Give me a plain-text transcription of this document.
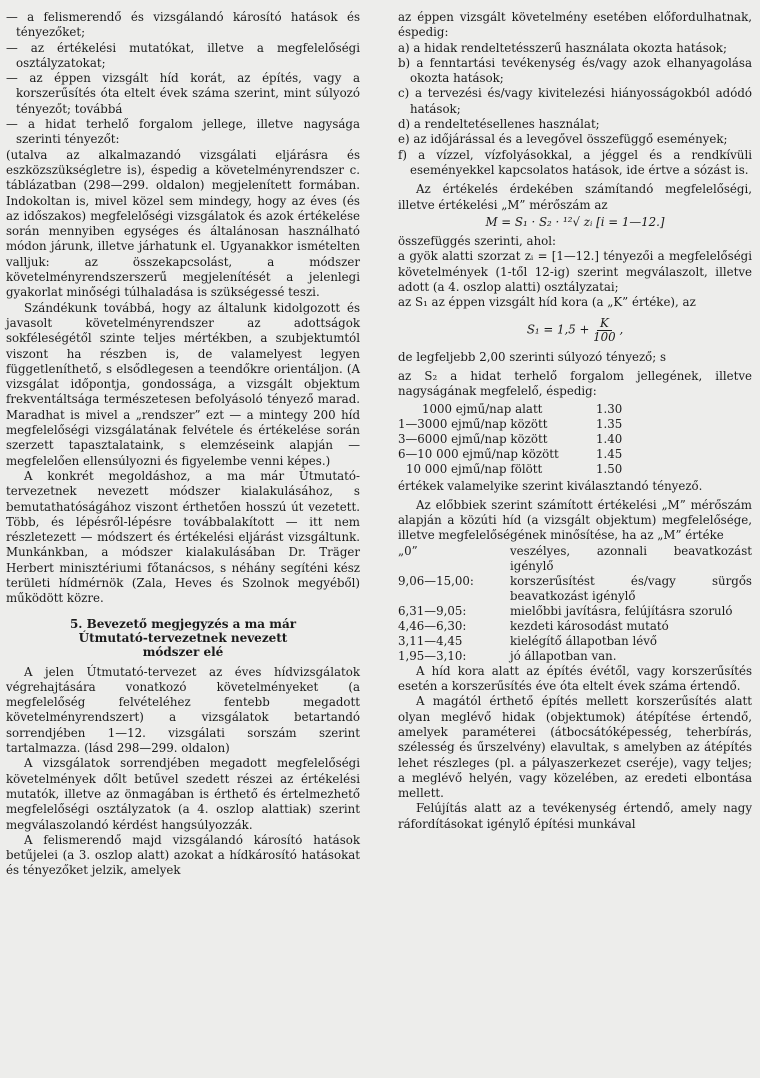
— a felismerendő és vizsgálandó károsító hatások és tényezőket;

— az értékelési mutatókat, illetve a megfelelőségi osztályzatokat;

— az éppen vizsgált híd korát, az építés, vagy a korszerűsítés óta eltelt évek száma szerint, mint súlyozó tényezőt; továbbá

— a hidat terhelő forgalom jellege, illetve nagysága szerinti tényezőt:

(utalva az alkalmazandó vizsgálati eljárásra és eszközszükségletre is), éspedig a követelményrendszer c. táblázatban (298—299. oldalon) megjelenített formában. Indokoltan is, mivel közel sem mindegy, hogy az éves (és az időszakos) megfelelőségi vizsgálatok és azok értékelése során mennyiben egységes és általánosan használható módon járunk, illetve járhatunk el. Ugyanakkor ismételten valljuk: az összekapcsolást, a módszer követelményrendszerszerű megjelenítését a jelenlegi gyakorlat minőségi túlhaladása is szükségessé teszi.

Szándékunk továbbá, hogy az általunk kidolgozott és javasolt követelményrendszer az adottságok sokféleségétől szinte teljes mértékben, a szubjektumtól viszont ha részben is, de valamelyest legyen függetleníthető, s elsődlegesen a teendőkre orientáljon. (A vizsgálat időpontja, gondossága, a vizsgált objektum frekventáltsága természetesen befolyásoló tényező marad. Maradhat is mivel a „rendszer” ezt — a mintegy 200 híd megfelelőségi vizsgálatának felvétele és értékelése során szerzett tapasztalataink, s elemzéseink alapján — megfelelően ellensúlyozni és figyelembe venni képes.)

A konkrét megoldáshoz, a ma már Útmutató-tervezetnek nevezett módszer kialakulásához, s bemutathatóságához viszont érthetően hosszú út vezetett. Több, és lépésről-lépésre továbbalakított — itt nem részletezett — módszert és értékelési eljárást vizsgáltunk. Munkánkban, a módszer kialakulásában Dr. Träger Herbert minisztériumi főtanácsos, s néhány segíténi kész területi hídmérnök (Zala, Heves és Szolnok megyéből) működött közre.

5. Bevezető megjegyzés a ma már
Útmutató-tervezetnek nevezett
módszer elé

A jelen Útmutató-tervezet az éves hídvizsgálatok végrehajtására vonatkozó követelményeket (a megfelelőség felvételéhez fentebb megadott követelményrendszert) a vizsgálatok betartandó sorrendjében 1—12. vizsgálati sorszám szerint tartalmazza. (lásd 298—299. oldalon)

A vizsgálatok sorrendjében megadott megfelelőségi követelmények dőlt betűvel szedett részei az értékelési mutatók, illetve az önmagában is érthető és értelmezhető megfelelőségi osztályzatok (a 4. oszlop alattiak) szerint megválaszolandó kérdést hangsúlyozzák.

A felismerendő majd vizsgálandó károsító hatások betűjelei (a 3. oszlop alatt) azokat a hídkárosító hatásokat és tényezőket jelzik, amelyek

az éppen vizsgált követelmény esetében előfordulhatnak, éspedig:

a) a hidak rendeltetésszerű használata okozta hatások;

b) a fenntartási tevékenység és/vagy azok elhanyagolása okozta hatások;

c) a tervezési és/vagy kivitelezési hiányosságokból adódó hatások;

d) a rendeltetésellenes használat;

e) az időjárással és a levegővel összefüggő események;

f) a vízzel, vízfolyásokkal, a jéggel és a rendkívüli eseményekkel kapcsolatos hatások, ide értve a sózást is.

Az értékelés érdekében számítandó megfelelőségi, illetve értékelési „M” mérőszám az

M = S₁ · S₂ · ¹²√ zᵢ [i = 1—12.]

összefüggés szerinti, ahol:

a gyök alatti szorzat zᵢ = [1—12.] tényezői a megfelelőségi követelmények (1-től 12-ig) szerint megválaszolt, illetve adott (a 4. oszlop alatti) osztályzatai;

az S₁ az éppen vizsgált híd kora (a „K” értéke), az

$S_1 = 1,5 + \frac{K}{100}$ ,

de legfeljebb 2,00 szerinti súlyozó tényező; s

az S₂ a hidat terhelő forgalom jellegének, illetve nagyságának megfelelő, éspedig:

1000 ejmű/nap alatt	1.30
1—3000 ejmű/nap között	1.35
3—6000 ejmű/nap között	1.40
6—10 000 ejmű/nap között	1.45
10 000 ejmű/nap fölött	1.50

értékek valamelyike szerint kiválasztandó tényező.

Az előbbiek szerint számított értékelési „M” mérőszám alapján a közúti híd (a vizsgált objektum) megfelelősége, illetve megfelelőségének minősítése, ha az „M” értéke

„0”	veszélyes, azonnali beavatkozást igénylő
9,06—15,00:	korszerűsítést és/vagy sürgős beavatkozást igénylő
6,31—9,05:	mielőbbi javításra, felújításra szoruló
4,46—6,30:	kezdeti károsodást mutató
3,11—4,45	kielégítő állapotban lévő
1,95—3,10:	jó állapotban van.

A híd kora alatt az építés évétől, vagy korszerűsítés esetén a korszerűsítés éve óta eltelt évek száma értendő.

A magától érthető építés mellett korszerűsítés alatt olyan meglévő hidak (objektumok) átépítése értendő, amelyek paraméterei (átbocsátóképesség, teherbírás, szélesség és űrszelvény) elavultak, s amelyben az átépítés lehet részleges (pl. a pályaszerkezet cseréje), vagy teljes; a meglévő helyén, vagy közelében, az eredeti elbontása mellett.

Felújítás alatt az a tevékenység értendő, amely nagy ráfordításokat igénylő építési munkával
